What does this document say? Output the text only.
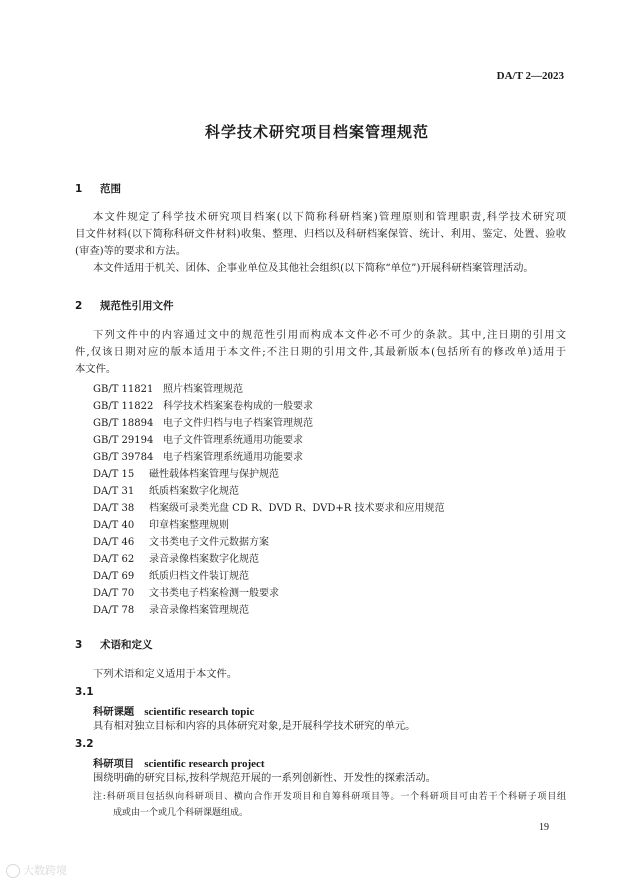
DA/T 2—2023
科学技术研究项目档案管理规范
1 范围
本文件规定了科学技术研究项目档案(以下简称科研档案)管理原则和管理职责,科学技术研究项
目文件材料(以下简称科研文件材料)收集、整理、归档以及科研档案保管、统计、利用、鉴定、处置、验收
(审查)等的要求和方法。
本文件适用于机关、团体、企事业单位及其他社会组织(以下简称“单位”)开展科研档案管理活动。
2 规范性引用文件
下列文件中的内容通过文中的规范性引用而构成本文件必不可少的条款。其中,注日期的引用文
件,仅该日期对应的版本适用于本文件;不注日期的引用文件,其最新版本(包括所有的修改单)适用于
本文件。
GB/T 11821 照片档案管理规范
GB/T 11822 科学技术档案案卷构成的一般要求
GB/T 18894 电子文件归档与电子档案管理规范
GB/T 29194 电子文件管理系统通用功能要求
GB/T 39784 电子档案管理系统通用功能要求
DA/T 15 磁性载体档案管理与保护规范
DA/T 31 纸质档案数字化规范
DA/T 38 档案级可录类光盘 CD R、DVD R、DVD+R 技术要求和应用规范
DA/T 40 印章档案整理规则
DA/T 46 文书类电子文件元数据方案
DA/T 62 录音录像档案数字化规范
DA/T 69 纸质归档文件装订规范
DA/T 70 文书类电子档案检测一般要求
DA/T 78 录音录像档案管理规范
3 术语和定义
下列术语和定义适用于本文件。
3.1
科研课题 scientific research topic
具有相对独立目标和内容的具体研究对象,是开展科学技术研究的单元。
3.2
科研项目 scientific research project
围绕明确的研究目标,按科学规范开展的一系列创新性、开发性的探索活动。
注:科研项目包括纵向科研项目、横向合作开发项目和自筹科研项目等。一个科研项目可由若干个科研子项目组
成或由一个或几个科研课题组成。
19
大数跨境
